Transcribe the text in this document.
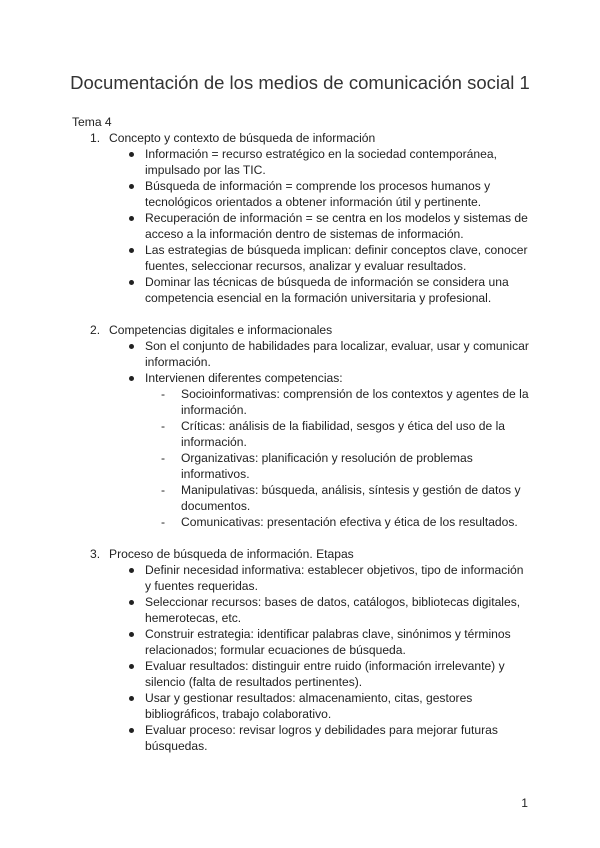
Documentación de los medios de comunicación social 1

Tema 4

1. Concepto y contexto de búsqueda de información
Información = recurso estratégico en la sociedad contemporánea, impulsado por las TIC.
Búsqueda de información = comprende los procesos humanos y tecnológicos orientados a obtener información útil y pertinente.
Recuperación de información = se centra en los modelos y sistemas de acceso a la información dentro de sistemas de información.
Las estrategias de búsqueda implican: definir conceptos clave, conocer fuentes, seleccionar recursos, analizar y evaluar resultados.
Dominar las técnicas de búsqueda de información se considera una competencia esencial en la formación universitaria y profesional.
2. Competencias digitales e informacionales
Son el conjunto de habilidades para localizar, evaluar, usar y comunicar información.
Intervienen diferentes competencias:
- Socioinformativas: comprensión de los contextos y agentes de la información.
- Críticas: análisis de la fiabilidad, sesgos y ética del uso de la información.
- Organizativas: planificación y resolución de problemas informativos.
- Manipulativas: búsqueda, análisis, síntesis y gestión de datos y documentos.
- Comunicativas: presentación efectiva y ética de los resultados.
3. Proceso de búsqueda de información. Etapas
Definir necesidad informativa: establecer objetivos, tipo de información y fuentes requeridas.
Seleccionar recursos: bases de datos, catálogos, bibliotecas digitales, hemerotecas, etc.
Construir estrategia: identificar palabras clave, sinónimos y términos relacionados; formular ecuaciones de búsqueda.
Evaluar resultados: distinguir entre ruido (información irrelevante) y silencio (falta de resultados pertinentes).
Usar y gestionar resultados: almacenamiento, citas, gestores bibliográficos, trabajo colaborativo.
Evaluar proceso: revisar logros y debilidades para mejorar futuras búsquedas.

1
